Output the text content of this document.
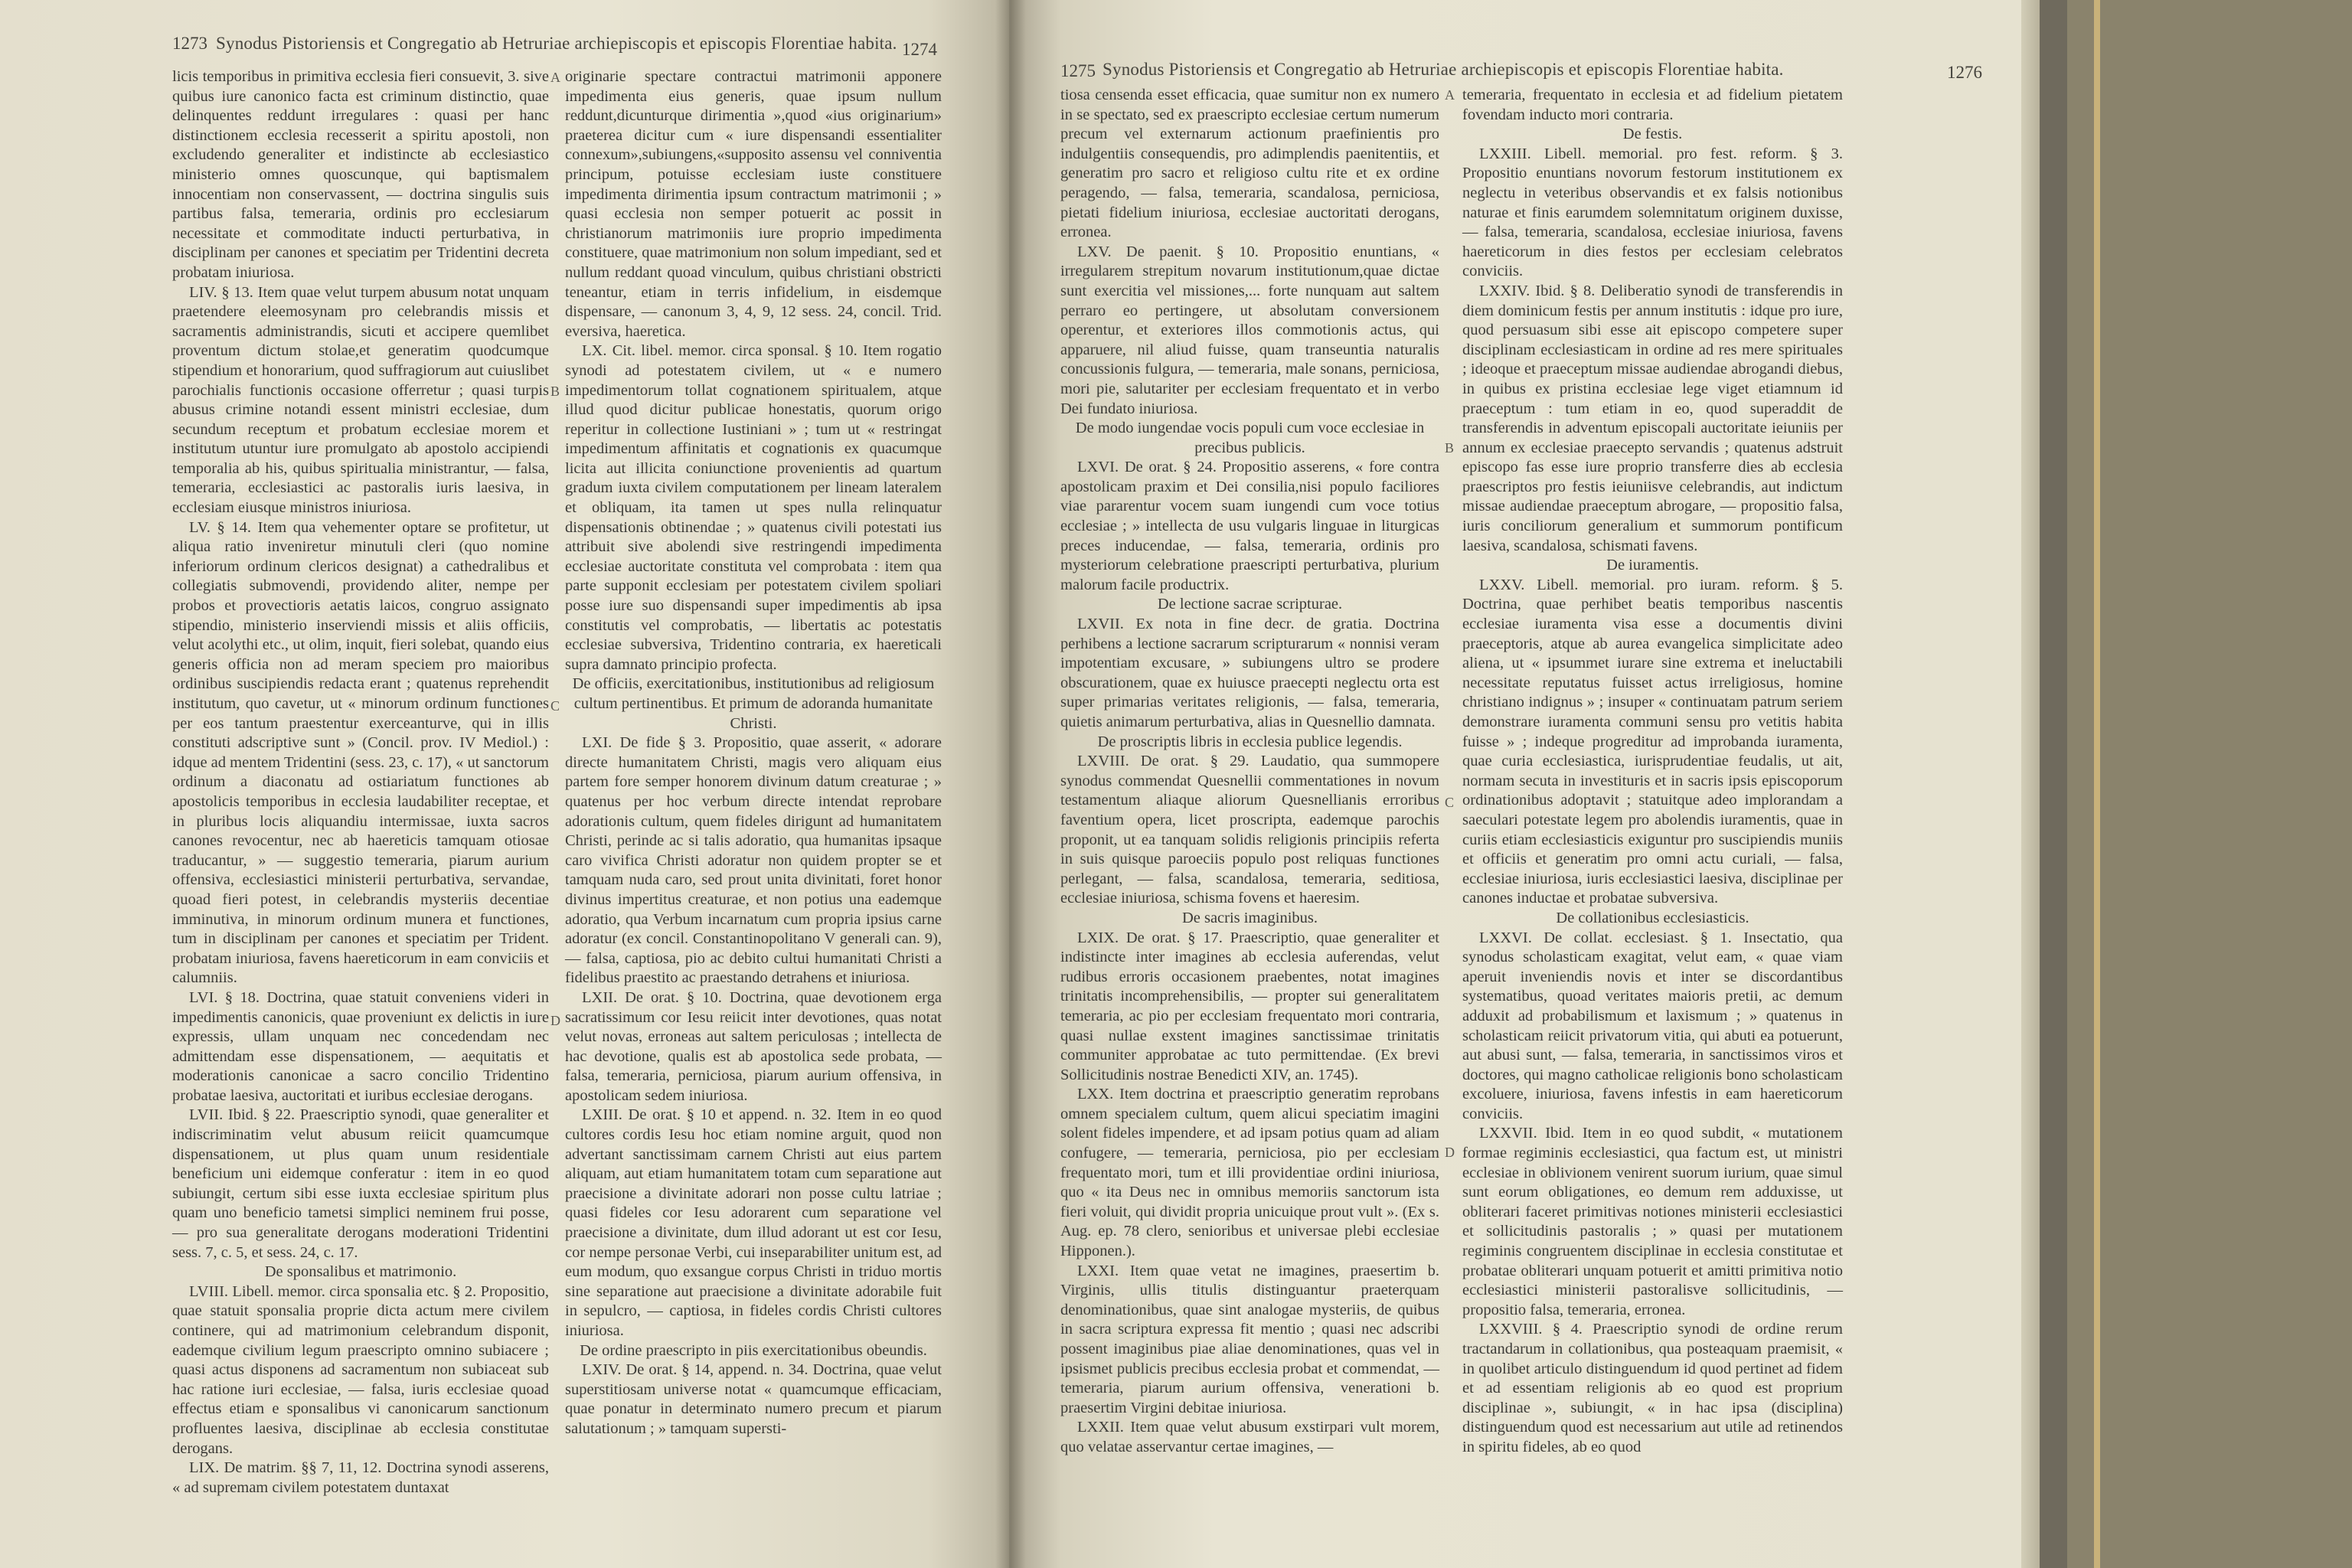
1273 Synodus Pistoriensis et Congregatio ab Hetruriae archiepiscopis et episcopis Florentiae habita. 1274

licis temporibus in primitiva ecclesia fieri consuevit, 3. sive quibus iure canonico facta est criminum distinctio, quae delinquentes reddunt irregulares : quasi per hanc distinctionem ecclesia recesserit a spiritu apostoli, non excludendo generaliter et indistincte ab ecclesiastico ministerio omnes quoscunque, qui baptismalem innocentiam non conservassent, — doctrina singulis suis partibus falsa, temeraria, ordinis pro ecclesiarum necessitate et commoditate inducti perturbativa, in disciplinam per canones et speciatim per Tridentini decreta probatam iniuriosa.

LIV. § 13. Item quae velut turpem abusum notat unquam praetendere eleemosynam pro celebrandis missis et sacramentis administrandis, sicuti et accipere quemlibet proventum dictum stolae,et generatim quodcumque stipendium et honorarium, quod suffragiorum aut cuiuslibet parochialis functionis occasione offerretur ; quasi turpis abusus crimine notandi essent ministri ecclesiae, dum secundum receptum et probatum ecclesiae morem et institutum utuntur iure promulgato ab apostolo accipiendi temporalia ab his, quibus spiritualia ministrantur, — falsa, temeraria, ecclesiastici ac pastoralis iuris laesiva, in ecclesiam eiusque ministros iniuriosa.

LV. § 14. Item qua vehementer optare se profitetur, ut aliqua ratio inveniretur minutuli cleri (quo nomine inferiorum ordinum clericos designat) a cathedralibus et collegiatis submovendi, providendo aliter, nempe per probos et provectioris aetatis laicos, congruo assignato stipendio, ministerio inserviendi missis et aliis officiis, velut acolythi etc., ut olim, inquit, fieri solebat, quando eius generis officia non ad meram speciem pro maioribus ordinibus suscipiendis redacta erant ; quatenus reprehendit institutum, quo cavetur, ut « minorum ordinum functiones per eos tantum praestentur exerceanturve, qui in illis constituti adscriptive sunt » (Concil. prov. IV Mediol.) : idque ad mentem Tridentini (sess. 23, c. 17), « ut sanctorum ordinum a diaconatu ad ostiariatum functiones ab apostolicis temporibus in ecclesia laudabiliter receptae, et in pluribus locis aliquandiu intermissae, iuxta sacros canones revocentur, nec ab haereticis tamquam otiosae traducantur, » — suggestio temeraria, piarum aurium offensiva, ecclesiastici ministerii perturbativa, servandae, quoad fieri potest, in celebrandis mysteriis decentiae imminutiva, in minorum ordinum munera et functiones, tum in disciplinam per canones et speciatim per Trident. probatam iniuriosa, favens haereticorum in eam conviciis et calumniis.

LVI. § 18. Doctrina, quae statuit conveniens videri in impedimentis canonicis, quae proveniunt ex delictis in iure expressis, ullam unquam nec concedendam nec admittendam esse dispensationem, — aequitatis et moderationis canonicae a sacro concilio Tridentino probatae laesiva, auctoritati et iuribus ecclesiae derogans.

LVII. Ibid. § 22. Praescriptio synodi, quae generaliter et indiscriminatim velut abusum reiicit quamcumque dispensationem, ut plus quam unum residentiale beneficium uni eidemque conferatur : item in eo quod subiungit, certum sibi esse iuxta ecclesiae spiritum plus quam uno beneficio tametsi simplici neminem frui posse, — pro sua generalitate derogans moderationi Tridentini sess. 7, c. 5, et sess. 24, c. 17.

De sponsalibus et matrimonio.

LVIII. Libell. memor. circa sponsalia etc. § 2. Propositio, quae statuit sponsalia proprie dicta actum mere civilem continere, qui ad matrimonium celebrandum disponit, eademque civilium legum praescripto omnino subiacere ; quasi actus disponens ad sacramentum non subiaceat sub hac ratione iuri ecclesiae, — falsa, iuris ecclesiae quoad effectus etiam e sponsalibus vi canonicarum sanctionum profluentes laesiva, disciplinae ab ecclesia constitutae derogans.

LIX. De matrim. §§ 7, 11, 12. Doctrina synodi asserens, « ad supremam civilem potestatem duntaxat

originarie spectare contractui matrimonii apponere impedimenta eius generis, quae ipsum nullum reddunt,dicunturque dirimentia »,quod «ius originarium» praeterea dicitur cum « iure dispensandi essentialiter connexum»,subiungens,«supposito assensu vel conniventia principum, potuisse ecclesiam iuste constituere impedimenta dirimentia ipsum contractum matrimonii ; » quasi ecclesia non semper potuerit ac possit in christianorum matrimoniis iure proprio impedimenta constituere, quae matrimonium non solum impediant, sed et nullum reddant quoad vinculum, quibus christiani obstricti teneantur, etiam in terris infidelium, in eisdemque dispensare, — canonum 3, 4, 9, 12 sess. 24, concil. Trid. eversiva, haeretica.

LX. Cit. libel. memor. circa sponsal. § 10. Item rogatio synodi ad potestatem civilem, ut « e numero impedimentorum tollat cognationem spiritualem, atque illud quod dicitur publicae honestatis, quorum origo reperitur in collectione Iustiniani » ; tum ut « restringat impedimentum affinitatis et cognationis ex quacumque licita aut illicita coniunctione provenientis ad quartum gradum iuxta civilem computationem per lineam lateralem et obliquam, ita tamen ut spes nulla relinquatur dispensationis obtinendae ; » quatenus civili potestati ius attribuit sive abolendi sive restringendi impedimenta ecclesiae auctoritate constituta vel comprobata : item qua parte supponit ecclesiam per potestatem civilem spoliari posse iure suo dispensandi super impedimentis ab ipsa constitutis vel comprobatis, — libertatis ac potestatis ecclesiae subversiva, Tridentino contraria, ex haereticali supra damnato principio profecta.

De officiis, exercitationibus, institutionibus ad religiosum cultum pertinentibus. Et primum de adoranda humanitate Christi.

LXI. De fide § 3. Propositio, quae asserit, « adorare directe humanitatem Christi, magis vero aliquam eius partem fore semper honorem divinum datum creaturae ; » quatenus per hoc verbum directe intendat reprobare adorationis cultum, quem fideles dirigunt ad humanitatem Christi, perinde ac si talis adoratio, qua humanitas ipsaque caro vivifica Christi adoratur non quidem propter se et tamquam nuda caro, sed prout unita divinitati, foret honor divinus impertitus creaturae, et non potius una eademque adoratio, qua Verbum incarnatum cum propria ipsius carne adoratur (ex concil. Constantinopolitano V generali can. 9), — falsa, captiosa, pio ac debito cultui humanitati Christi a fidelibus praestito ac praestando detrahens et iniuriosa.

LXII. De orat. § 10. Doctrina, quae devotionem erga sacratissimum cor Iesu reiicit inter devotiones, quas notat velut novas, erroneas aut saltem periculosas ; intellecta de hac devotione, qualis est ab apostolica sede probata, — falsa, temeraria, perniciosa, piarum aurium offensiva, in apostolicam sedem iniuriosa.

LXIII. De orat. § 10 et append. n. 32. Item in eo quod cultores cordis Iesu hoc etiam nomine arguit, quod non advertant sanctissimam carnem Christi aut eius partem aliquam, aut etiam humanitatem totam cum separatione aut praecisione a divinitate adorari non posse cultu latriae ; quasi fideles cor Iesu adorarent cum separatione vel praecisione a divinitate, dum illud adorant ut est cor Iesu, cor nempe personae Verbi, cui inseparabiliter unitum est, ad eum modum, quo exsangue corpus Christi in triduo mortis sine separatione aut praecisione a divinitate adorabile fuit in sepulcro, — captiosa, in fideles cordis Christi cultores iniuriosa.

De ordine praescripto in piis exercitationibus obeundis.

LXIV. De orat. § 14, append. n. 34. Doctrina, quae velut superstitiosam universe notat « quamcumque efficaciam, quae ponatur in determinato numero precum et piarum salutationum ; » tamquam supersti-

A
B
C
D
1275 Synodus Pistoriensis et Congregatio ab Hetruriae archiepiscopis et episcopis Florentiae habita.	1276

tiosa censenda esset efficacia, quae sumitur non ex numero in se spectato, sed ex praescripto ecclesiae certum numerum precum vel externarum actionum praefinientis pro indulgentiis consequendis, pro adimplendis paenitentiis, et generatim pro sacro et religioso cultu rite et ex ordine peragendo, — falsa, temeraria, scandalosa, perniciosa, pietati fidelium iniuriosa, ecclesiae auctoritati derogans, erronea.

LXV. De paenit. § 10. Propositio enuntians, « irregularem strepitum novarum institutionum,quae dictae sunt exercitia vel missiones,... forte nunquam aut saltem perraro eo pertingere, ut absolutam conversionem operentur, et exteriores illos commotionis actus, qui apparuere, nil aliud fuisse, quam transeuntia naturalis concussionis fulgura, — temeraria, male sonans, perniciosa, mori pie, salutariter per ecclesiam frequentato et in verbo Dei fundato iniuriosa.

De modo iungendae vocis populi cum voce ecclesiae in precibus publicis.

LXVI. De orat. § 24. Propositio asserens, « fore contra apostolicam praxim et Dei consilia,nisi populo faciliores viae pararentur vocem suam iungendi cum voce totius ecclesiae ; » intellecta de usu vulgaris linguae in liturgicas preces inducendae, — falsa, temeraria, ordinis pro mysteriorum celebratione praescripti perturbativa, plurium malorum facile productrix.

De lectione sacrae scripturae.

LXVII. Ex nota in fine decr. de gratia. Doctrina perhibens a lectione sacrarum scripturarum « nonnisi veram impotentiam excusare, » subiungens ultro se prodere obscurationem, quae ex huiusce praecepti neglectu orta est super primarias veritates religionis, — falsa, temeraria, quietis animarum perturbativa, alias in Quesnellio damnata.

De proscriptis libris in ecclesia publice legendis.

LXVIII. De orat. § 29. Laudatio, qua summopere synodus commendat Quesnellii commentationes in novum testamentum aliaque aliorum Quesnellianis erroribus faventium opera, licet proscripta, eademque parochis proponit, ut ea tanquam solidis religionis principiis referta in suis quisque paroeciis populo post reliquas functiones perlegant, — falsa, scandalosa, temeraria, seditiosa, ecclesiae iniuriosa, schisma fovens et haeresim.

De sacris imaginibus.

LXIX. De orat. § 17. Praescriptio, quae generaliter et indistincte inter imagines ab ecclesia auferendas, velut rudibus erroris occasionem praebentes, notat imagines trinitatis incomprehensibilis, — propter sui generalitatem temeraria, ac pio per ecclesiam frequentato mori contraria, quasi nullae exstent imagines sanctissimae trinitatis communiter approbatae ac tuto permittendae. (Ex brevi Sollicitudinis nostrae Benedicti XIV, an. 1745).

LXX. Item doctrina et praescriptio generatim reprobans omnem specialem cultum, quem alicui speciatim imagini solent fideles impendere, et ad ipsam potius quam ad aliam confugere, — temeraria, perniciosa, pio per ecclesiam frequentato mori, tum et illi providentiae ordini iniuriosa, quo « ita Deus nec in omnibus memoriis sanctorum ista fieri voluit, qui dividit propria unicuique prout vult ». (Ex s. Aug. ep. 78 clero, senioribus et universae plebi ecclesiae Hipponen.).

LXXI. Item quae vetat ne imagines, praesertim b. Virginis, ullis titulis distinguantur praeterquam denominationibus, quae sint analogae mysteriis, de quibus in sacra scriptura expressa fit mentio ; quasi nec adscribi possent imaginibus piae aliae denominationes, quas vel in ipsismet publicis precibus ecclesia probat et commendat, — temeraria, piarum aurium offensiva, venerationi b. praesertim Virgini debitae iniuriosa.

LXXII. Item quae velut abusum exstirpari vult morem, quo velatae asservantur certae imagines, —

temeraria, frequentato in ecclesia et ad fidelium pietatem fovendam inducto mori contraria.

De festis.

LXXIII. Libell. memorial. pro fest. reform. § 3. Propositio enuntians novorum festorum institutionem ex neglectu in veteribus observandis et ex falsis notionibus naturae et finis earumdem solemnitatum originem duxisse, — falsa, temeraria, scandalosa, ecclesiae iniuriosa, favens haereticorum in dies festos per ecclesiam celebratos conviciis.

LXXIV. Ibid. § 8. Deliberatio synodi de transferendis in diem dominicum festis per annum institutis : idque pro iure, quod persuasum sibi esse ait episcopo competere super disciplinam ecclesiasticam in ordine ad res mere spirituales ; ideoque et praeceptum missae audiendae abrogandi diebus, in quibus ex pristina ecclesiae lege viget etiamnum id praeceptum : tum etiam in eo, quod superaddit de transferendis in adventum episcopali auctoritate ieiuniis per annum ex ecclesiae praecepto servandis ; quatenus adstruit episcopo fas esse iure proprio transferre dies ab ecclesia praescriptos pro festis ieiuniisve celebrandis, aut indictum missae audiendae praeceptum abrogare, — propositio falsa, iuris conciliorum generalium et summorum pontificum laesiva, scandalosa, schismati favens.

De iuramentis.

LXXV. Libell. memorial. pro iuram. reform. § 5. Doctrina, quae perhibet beatis temporibus nascentis ecclesiae iuramenta visa esse a documentis divini praeceptoris, atque ab aurea evangelica simplicitate adeo aliena, ut « ipsummet iurare sine extrema et ineluctabili necessitate reputatus fuisset actus irreligiosus, homine christiano indignus » ; insuper « continuatam patrum seriem demonstrare iuramenta communi sensu pro vetitis habita fuisse » ; indeque progreditur ad improbanda iuramenta, quae curia ecclesiastica, iurisprudentiae feudalis, ut ait, normam secuta in investituris et in sacris ipsis episcoporum ordinationibus adoptavit ; statuitque adeo implorandam a saeculari potestate legem pro abolendis iuramentis, quae in curiis etiam ecclesiasticis exiguntur pro suscipiendis muniis et officiis et generatim pro omni actu curiali, — falsa, ecclesiae iniuriosa, iuris ecclesiastici laesiva, disciplinae per canones inductae et probatae subversiva.

De collationibus ecclesiasticis.

LXXVI. De collat. ecclesiast. § 1. Insectatio, qua synodus scholasticam exagitat, velut eam, « quae viam aperuit inveniendis novis et inter se discordantibus systematibus, quoad veritates maioris pretii, ac demum adduxit ad probabilismum et laxismum ; » quatenus in scholasticam reiicit privatorum vitia, qui abuti ea potuerunt, aut abusi sunt, — falsa, temeraria, in sanctissimos viros et doctores, qui magno catholicae religionis bono scholasticam excoluere, iniuriosa, favens infestis in eam haereticorum conviciis.

LXXVII. Ibid. Item in eo quod subdit, « mutationem formae regiminis ecclesiastici, qua factum est, ut ministri ecclesiae in oblivionem venirent suorum iurium, quae simul sunt eorum obligationes, eo demum rem adduxisse, ut obliterari faceret primitivas notiones ministerii ecclesiastici et sollicitudinis pastoralis ; » quasi per mutationem regiminis congruentem disciplinae in ecclesia constitutae et probatae obliterari unquam potuerit et amitti primitiva notio ecclesiastici ministerii pastoralisve sollicitudinis, — propositio falsa, temeraria, erronea.

LXXVIII. § 4. Praescriptio synodi de ordine rerum tractandarum in collationibus, qua posteaquam praemisit, « in quolibet articulo distinguendum id quod pertinet ad fidem et ad essentiam religionis ab eo quod est proprium disciplinae », subiungit, « in hac ipsa (disciplina) distinguendum quod est necessarium aut utile ad retinendos in spiritu fideles, ab eo quod

A
B
C
D
